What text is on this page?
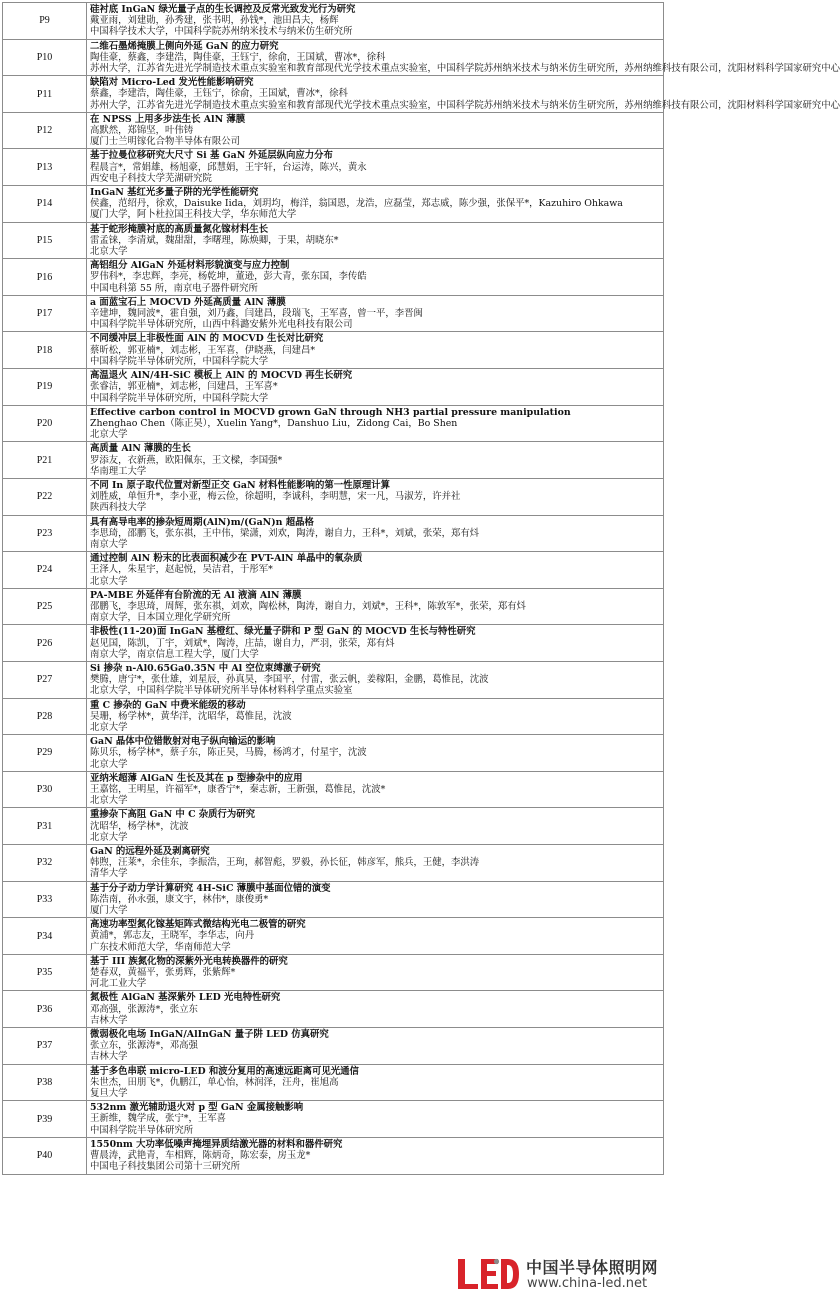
P9	硅衬底 InGaN 绿光量子点的生长调控及反常光致发光行为研究
戴亚雨，刘建勋，孙秀建，张书明，孙钱*，池田昌夫，杨辉
中国科学技术大学，中国科学院苏州纳米技术与纳米仿生研究所

P10	二维石墨烯掩膜上侧向外延 GaN 的应力研究
陶佳豪，蔡鑫，李建浩，陶佳豪，王钰宁，徐俞，王国斌，曹冰*，徐科
苏州大学，江苏省先进光学制造技术重点实验室和教育部现代光学技术重点实验室，中国科学院苏州纳米技术与纳米仿生研究所，苏州纳维科技有限公司，沈阳材料科学国家研究中心

P11	缺陷对 Micro-Led 发光性能影响研究
蔡鑫，李建浩，陶佳豪，王钰宁，徐俞，王国斌，曹冰*，徐科
苏州大学，江苏省先进光学制造技术重点实验室和教育部现代光学技术重点实验室，中国科学院苏州纳米技术与纳米仿生研究所，苏州纳维科技有限公司，沈阳材料科学国家研究中心

P12	在 NPSS 上用多步法生长 AlN 薄膜
高默然，郑锦坚，叶伟铸
厦门士兰明镓化合物半导体有限公司

P13	基于拉曼位移研究大尺寸 Si 基 GaN 外延层纵向应力分布
程晨言*，常娟雄，杨旭豪，邱慧娟，王宇轩，台运涛，陈兴，黄永
西安电子科技大学芜湖研究院

P14	InGaN 基红光多量子阱的光学性能研究
侯鑫，范绍丹，徐欢，Daisuke Iida，刘玥均，梅洋，翁国恩，龙浩，应磊莹，郑志威，陈少强，张保平*，Kazuhiro Ohkawa
厦门大学，阿卜杜拉国王科技大学，华东师范大学

P15	基于蛇形掩膜衬底的高质量氮化镓材料生长
雷孟铼，李清斌，魏甜甜，李曙理，陈焕卿，于果，胡晓东*
北京大学

P16	高铝组分 AlGaN 外延材料形貌演变与应力控制
罗伟科*，李忠辉，李亮，杨乾坤，董逊，彭大青，张东国，李传皓
中国电科第 55 所，南京电子器件研究所

P17	a 面蓝宝石上 MOCVD 外延高质量 AlN 薄膜
辛建坤，魏同波*，霍自强，刘乃鑫，闫建昌，段瑞飞，王军喜，曾一平，李晋闽
中国科学院半导体研究所，山西中科潞安紫外光电科技有限公司

P18	不同缓冲层上非极性面 AlN 的 MOCVD 生长对比研究
蔡昕松，郭亚楠*，刘志彬，王军喜，伊晓燕，闫建昌*
中国科学院半导体研究所，中国科学院大学

P19	高温退火 AlN/4H-SiC 模板上 AlN 的 MOCVD 再生长研究
张睿洁，郭亚楠*，刘志彬，闫建昌，王军喜*
中国科学院半导体研究所，中国科学院大学

P20	Effective carbon control in MOCVD grown GaN through NH3 partial pressure manipulation
Zhenghao Chen（陈正昊），Xuelin Yang*，Danshuo Liu，Zidong Cai，Bo Shen
北京大学

P21	高质量 AlN 薄膜的生长
罗添友，衣新燕，欧阳佩东，王文樑，李国强*
华南理工大学

P22	不同 In 原子取代位置对新型正交 GaN 材料性能影响的第一性原理计算
刘胜威，单恒升*，李小亚，梅云俭，徐超明，李诚科，李明慧，宋一凡，马淑芳，许并社
陕西科技大学

P23	具有高导电率的掺杂短周期(AlN)m/(GaN)n 超晶格
李思琦，邵鹏飞，张东祺，王中伟，梁潇，刘欢，陶涛，谢自力，王科*，刘斌，张荣，郑有炓
南京大学

P24	通过控制 AlN 粉末的比表面积减少在 PVT-AlN 单晶中的氧杂质
王泽人，朱星宇，赵起悦，吴洁君，于彤军*
北京大学

P25	PA-MBE 外延伴有台阶流的无 Al 液滴 AlN 薄膜
邵鹏飞，李思琦，周辉，张东祺，刘欢，陶松林，陶涛，谢自力，刘斌*，王科*，陈敦军*，张荣，郑有炓
南京大学，日本国立理化学研究所

P26	非极性(11-20)面 InGaN 基橙红、绿光量子阱和 P 型 GaN 的 MOCVD 生长与特性研究
赵见国，陈凯，丁宇，刘斌*，陶涛，庄喆，谢自力，严羽，张荣，郑有炓
南京大学，南京信息工程大学，厦门大学

P27	Si 掺杂 n-Al0.65Ga0.35N 中 Al 空位束缚激子研究
樊腾，唐宁*，张仕雄，刘星辰，孙真昊，李国平，付雷，张云帆，姜稼阳，金鹏，葛惟昆，沈波
北京大学，中国科学院半导体研究所半导体材料科学重点实验室

P28	重 C 掺杂的 GaN 中费米能级的移动
吴珊，杨学林*，黄华洋，沈昭华，葛惟昆，沈波
北京大学

P29	GaN 晶体中位错散射对电子纵向输运的影响
陈贝乐，杨学林*，蔡子东，陈正昊，马腾，杨鸿才，付星宇，沈波
北京大学

P30	亚纳米超薄 AlGaN 生长及其在 p 型掺杂中的应用
王嘉铭，王明星，许福军*，康香宁*，秦志新，王新强，葛惟昆，沈波*
北京大学

P31	重掺杂下高阻 GaN 中 C 杂质行为研究
沈昭华，杨学林*，沈波
北京大学

P32	GaN 的远程外延及剥离研究
韩煦，汪莱*，余佳东，李振浩，王珣，郝智彪，罗毅，孙长征，韩彦军，熊兵，王健，李洪涛
清华大学

P33	基于分子动力学计算研究 4H-SiC 薄膜中基面位错的演变
陈浩南，孙永强，康文宇，林伟*，康俊勇*
厦门大学

P34	高速功率型氮化镓基矩阵式微结构光电二极管的研究
黄浦*，郭志友，王晓军，李华志，向丹
广东技术师范大学，华南师范大学

P35	基于 III 族氮化物的深紫外光电转换器件的研究
楚春双，黄福平，张勇辉，张紫辉*
河北工业大学

P36	氮极性 AlGaN 基深紫外 LED 光电特性研究
邓高强，张源涛*，张立东
吉林大学

P37	微弱极化电场 InGaN/AlInGaN 量子阱 LED 仿真研究
张立东，张源涛*，邓高强
吉林大学

P38	基于多色串联 micro-LED 和波分复用的高速远距离可见光通信
朱世杰，田朋飞*，仇鹏江，单心怡，林润泽，汪舟，崔旭高
复旦大学

P39	532nm 激光辅助退火对 p 型 GaN 金属接触影响
王新维，魏学成，张宁*，王军喜
中国科学院半导体研究所

P40	1550nm 大功率低噪声掩埋异质结激光器的材料和器件研究
曹晨涛，武艳青，车相辉，陈炳奇，陈宏泰，房玉龙*
中国电子科技集团公司第十三研究所
中国半导体照明网
www.china-led.net
